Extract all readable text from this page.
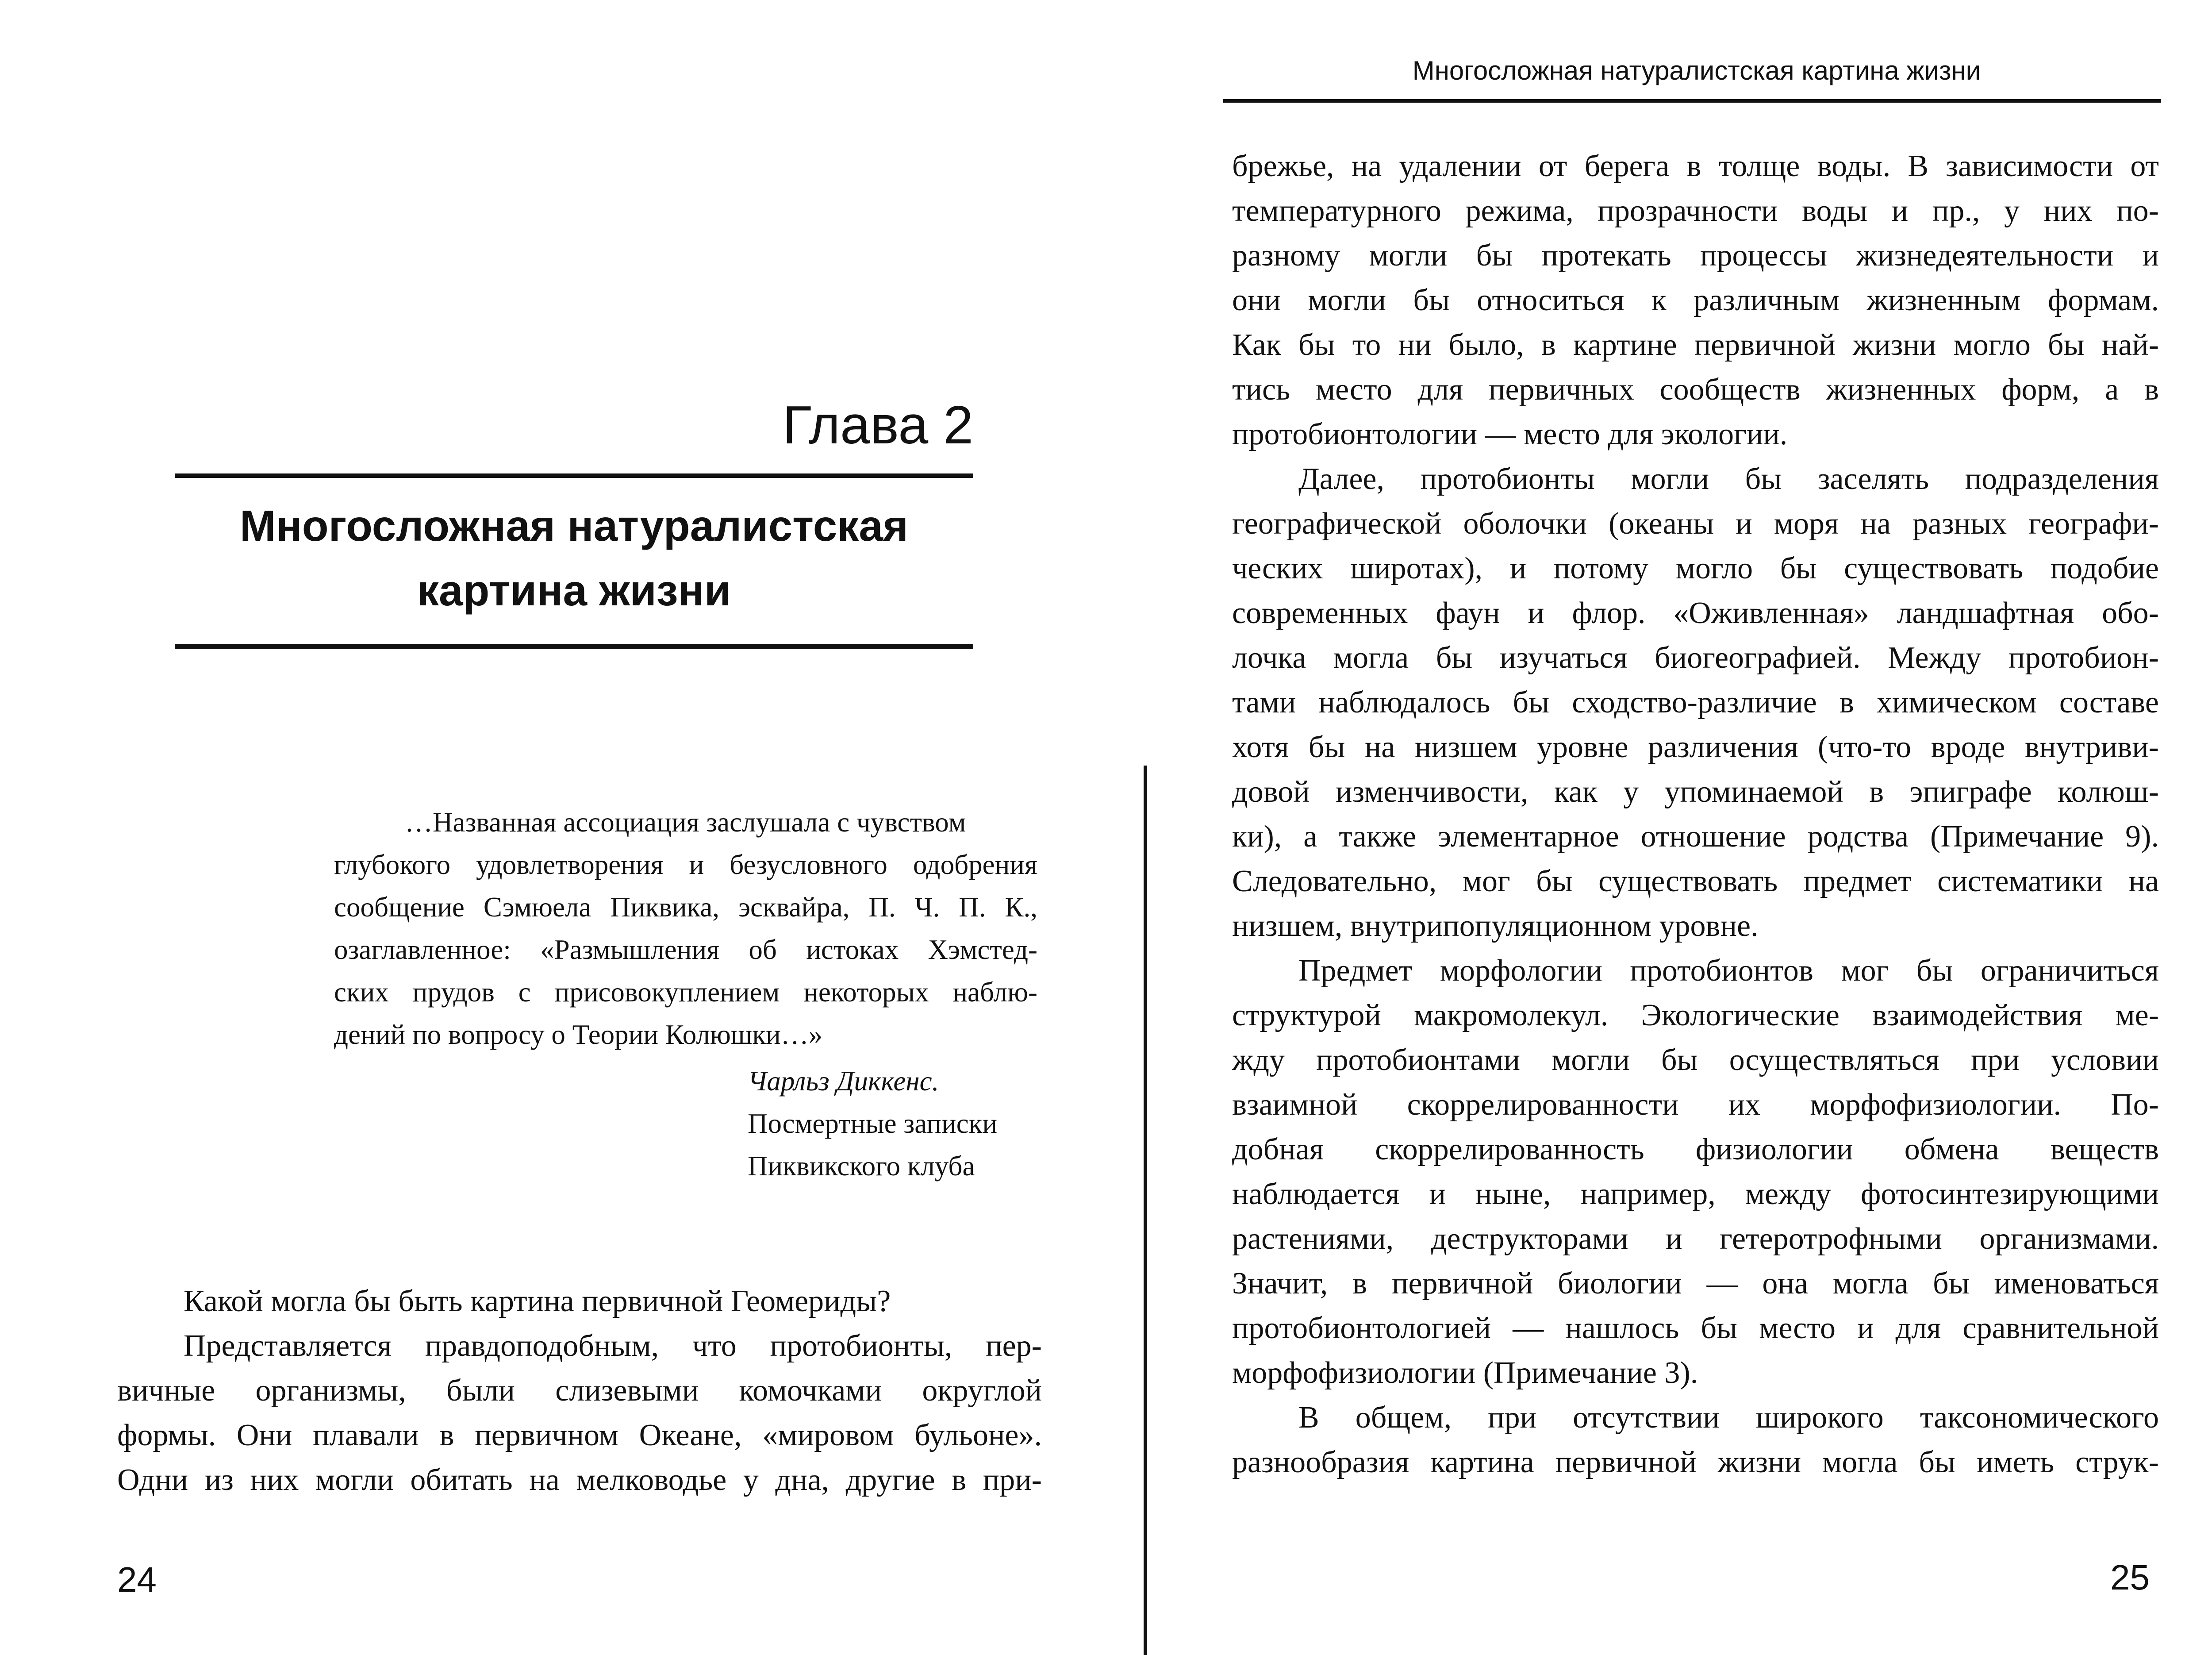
Глава 2
Многосложная натуралистская
картина жизни
…Названная ассоциация заслушала с чувством
глубокого удовлетворения и безусловного одобрения
сообщение Сэмюела Пиквика, эсквайра, П. Ч. П. К.,
озаглавленное: «Размышления об истоках Хэмстед-
ских прудов с присовокуплением некоторых наблю-
дений по вопросу о Теории Колюшки…»
Чарльз Диккенс.
Посмертные записки
Пиквикского клуба
Какой могла бы быть картина первичной Геомериды?
Представляется правдоподобным, что протобионты, пер-
вичные организмы, были слизевыми комочками округлой
формы. Они плавали в первичном Океане, «мировом бульоне».
Одни из них могли обитать на мелководье у дна, другие в при-
24
Многосложная натуралистская картина жизни
брежье, на удалении от берега в толще воды. В зависимости от
температурного режима, прозрачности воды и пр., у них по-
разному могли бы протекать процессы жизнедеятельности и
они могли бы относиться к различным жизненным формам.
Как бы то ни было, в картине первичной жизни могло бы най-
тись место для первичных сообществ жизненных форм, а в
протобионтологии — место для экологии.
Далее, протобионты могли бы заселять подразделения
географической оболочки (океаны и моря на разных географи-
ческих широтах), и потому могло бы существовать подобие
современных фаун и флор. «Оживленная» ландшафтная обо-
лочка могла бы изучаться биогеографией. Между протобион-
тами наблюдалось бы сходство-различие в химическом составе
хотя бы на низшем уровне различения (что-то вроде внутриви-
довой изменчивости, как у упоминаемой в эпиграфе колюш-
ки), а также элементарное отношение родства (Примечание 9).
Следовательно, мог бы существовать предмет систематики на
низшем, внутрипопуляционном уровне.
Предмет морфологии протобионтов мог бы ограничиться
структурой макромолекул. Экологические взаимодействия ме-
жду протобионтами могли бы осуществляться при условии
взаимной скоррелированности их морфофизиологии. По-
добная скоррелированность физиологии обмена веществ
наблюдается и ныне, например, между фотосинтезирующими
растениями, деструкторами и гетеротрофными организмами.
Значит, в первичной биологии — она могла бы именоваться
протобионтологией — нашлось бы место и для сравнительной
морфофизиологии (Примечание 3).
В общем, при отсутствии широкого таксономического
разнообразия картина первичной жизни могла бы иметь струк-
25
